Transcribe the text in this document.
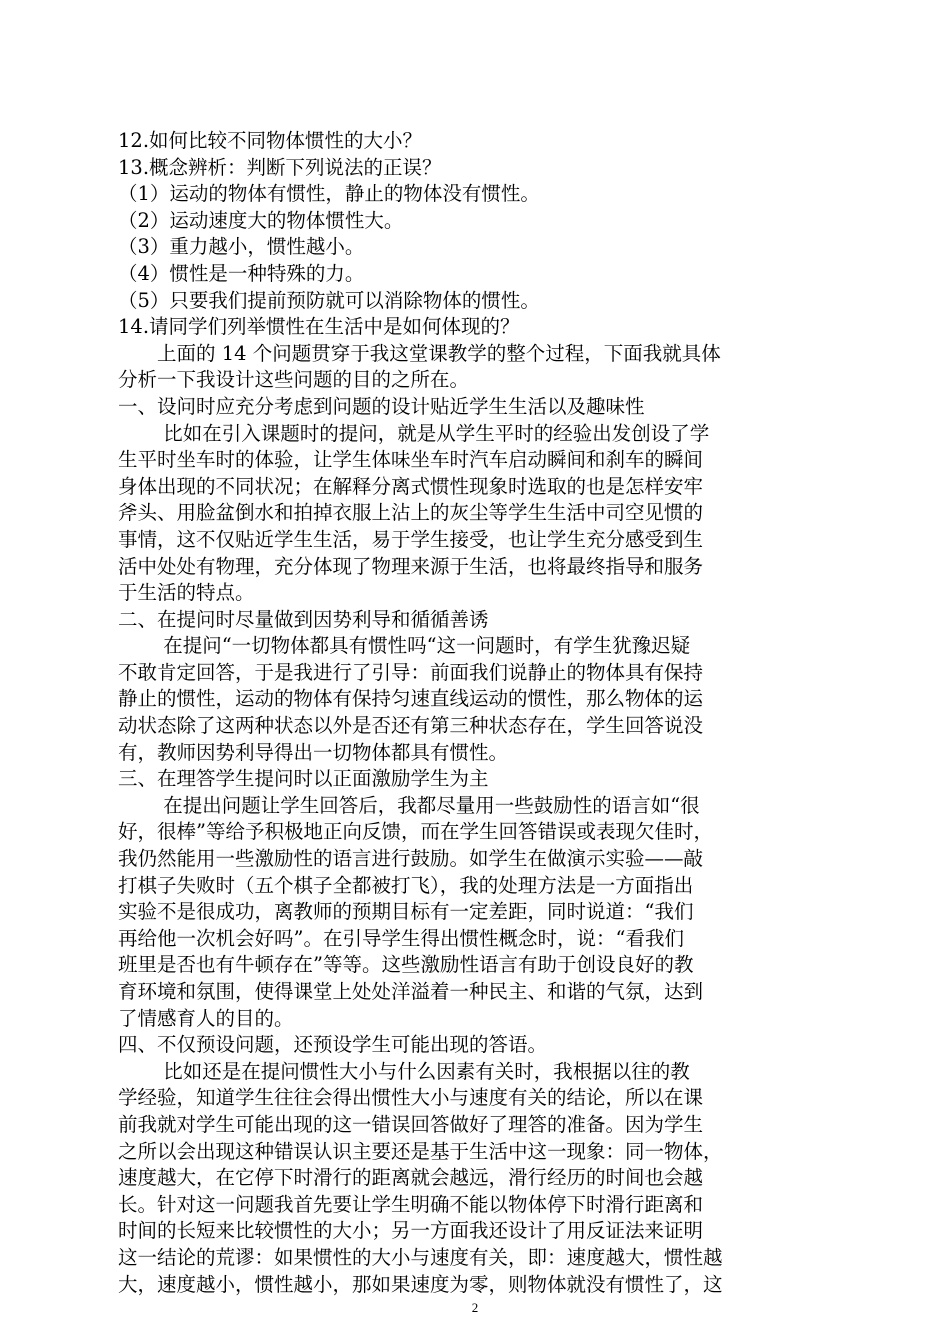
12.如何比较不同物体惯性的大小？
13.概念辨析：判断下列说法的正误？
（1）运动的物体有惯性，静止的物体没有惯性。
（2）运动速度大的物体惯性大。
（3）重力越小，惯性越小。
（4）惯性是一种特殊的力。
（5）只要我们提前预防就可以消除物体的惯性。
14.请同学们列举惯性在生活中是如何体现的？
　　上面的 14 个问题贯穿于我这堂课教学的整个过程，下面我就具体
分析一下我设计这些问题的目的之所在。
一、设问时应充分考虑到问题的设计贴近学生生活以及趣味性
　　 比如在引入课题时的提问，就是从学生平时的经验出发创设了学
生平时坐车时的体验，让学生体味坐车时汽车启动瞬间和刹车的瞬间
身体出现的不同状况；在解释分离式惯性现象时选取的也是怎样安牢
斧头、用脸盆倒水和拍掉衣服上沾上的灰尘等学生生活中司空见惯的
事情，这不仅贴近学生生活，易于学生接受，也让学生充分感受到生
活中处处有物理，充分体现了物理来源于生活，也将最终指导和服务
于生活的特点。
二、在提问时尽量做到因势利导和循循善诱
　　 在提问“一切物体都具有惯性吗“这一问题时，有学生犹豫迟疑
不敢肯定回答，于是我进行了引导：前面我们说静止的物体具有保持
静止的惯性，运动的物体有保持匀速直线运动的惯性，那么物体的运
动状态除了这两种状态以外是否还有第三种状态存在，学生回答说没
有，教师因势利导得出一切物体都具有惯性。
三、在理答学生提问时以正面激励学生为主
　　 在提出问题让学生回答后，我都尽量用一些鼓励性的语言如“很
好，很棒”等给予积极地正向反馈，而在学生回答错误或表现欠佳时，
我仍然能用一些激励性的语言进行鼓励。如学生在做演示实验——敲
打棋子失败时（五个棋子全都被打飞），我的处理方法是一方面指出
实验不是很成功，离教师的预期目标有一定差距，同时说道：“我们
再给他一次机会好吗”。在引导学生得出惯性概念时，说：“看我们
班里是否也有牛顿存在”等等。这些激励性语言有助于创设良好的教
育环境和氛围，使得课堂上处处洋溢着一种民主、和谐的气氛，达到
了情感育人的目的。
四、不仅预设问题，还预设学生可能出现的答语。
　　 比如还是在提问惯性大小与什么因素有关时，我根据以往的教
学经验，知道学生往往会得出惯性大小与速度有关的结论，所以在课
前我就对学生可能出现的这一错误回答做好了理答的准备。因为学生
之所以会出现这种错误认识主要还是基于生活中这一现象：同一物体，
速度越大，在它停下时滑行的距离就会越远，滑行经历的时间也会越
长。针对这一问题我首先要让学生明确不能以物体停下时滑行距离和
时间的长短来比较惯性的大小；另一方面我还设计了用反证法来证明
这一结论的荒谬：如果惯性的大小与速度有关，即：速度越大，惯性越
大，速度越小，惯性越小，那如果速度为零，则物体就没有惯性了，这
2
